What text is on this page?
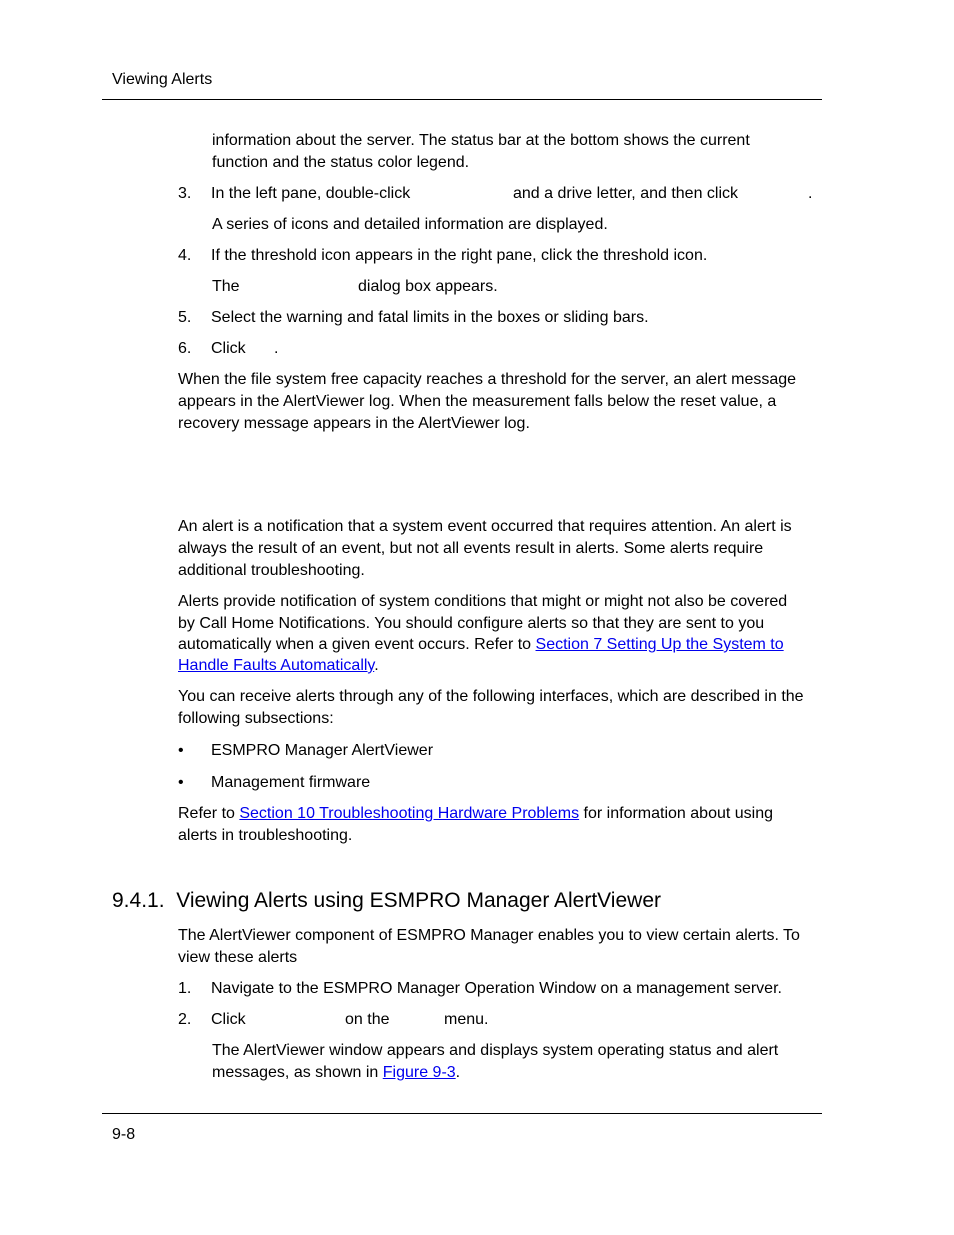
Viewing Alerts
information about the server. The status bar at the bottom shows the current
function and the status color legend.
3. In the left pane, double-click	and a drive letter, and then click	.
A series of icons and detailed information are displayed.
4. If the threshold icon appears in the right pane, click the threshold icon.
The	dialog box appears.
5. Select the warning and fatal limits in the boxes or sliding bars.
6. Click .
When the file system free capacity reaches a threshold for the server, an alert message
appears in the AlertViewer log. When the measurement falls below the reset value, a
recovery message appears in the AlertViewer log.
An alert is a notification that a system event occurred that requires attention. An alert is
always the result of an event, but not all events result in alerts. Some alerts require
additional troubleshooting.
Alerts provide notification of system conditions that might or might not also be covered
by Call Home Notifications. You should configure alerts so that they are sent to you
automatically when a given event occurs. Refer to Section 7 Setting Up the System to
Handle Faults Automatically.
You can receive alerts through any of the following interfaces, which are described in the
following subsections:
• ESMPRO Manager AlertViewer
• Management firmware
Refer to Section 10 Troubleshooting Hardware Problems for information about using
alerts in troubleshooting.
9.4.1.  Viewing Alerts using ESMPRO Manager AlertViewer
The AlertViewer component of ESMPRO Manager enables you to view certain alerts. To
view these alerts
1. Navigate to the ESMPRO Manager Operation Window on a management server.
2. Click	on the	menu.
The AlertViewer window appears and displays system operating status and alert
messages, as shown in Figure 9-3.
9-8
